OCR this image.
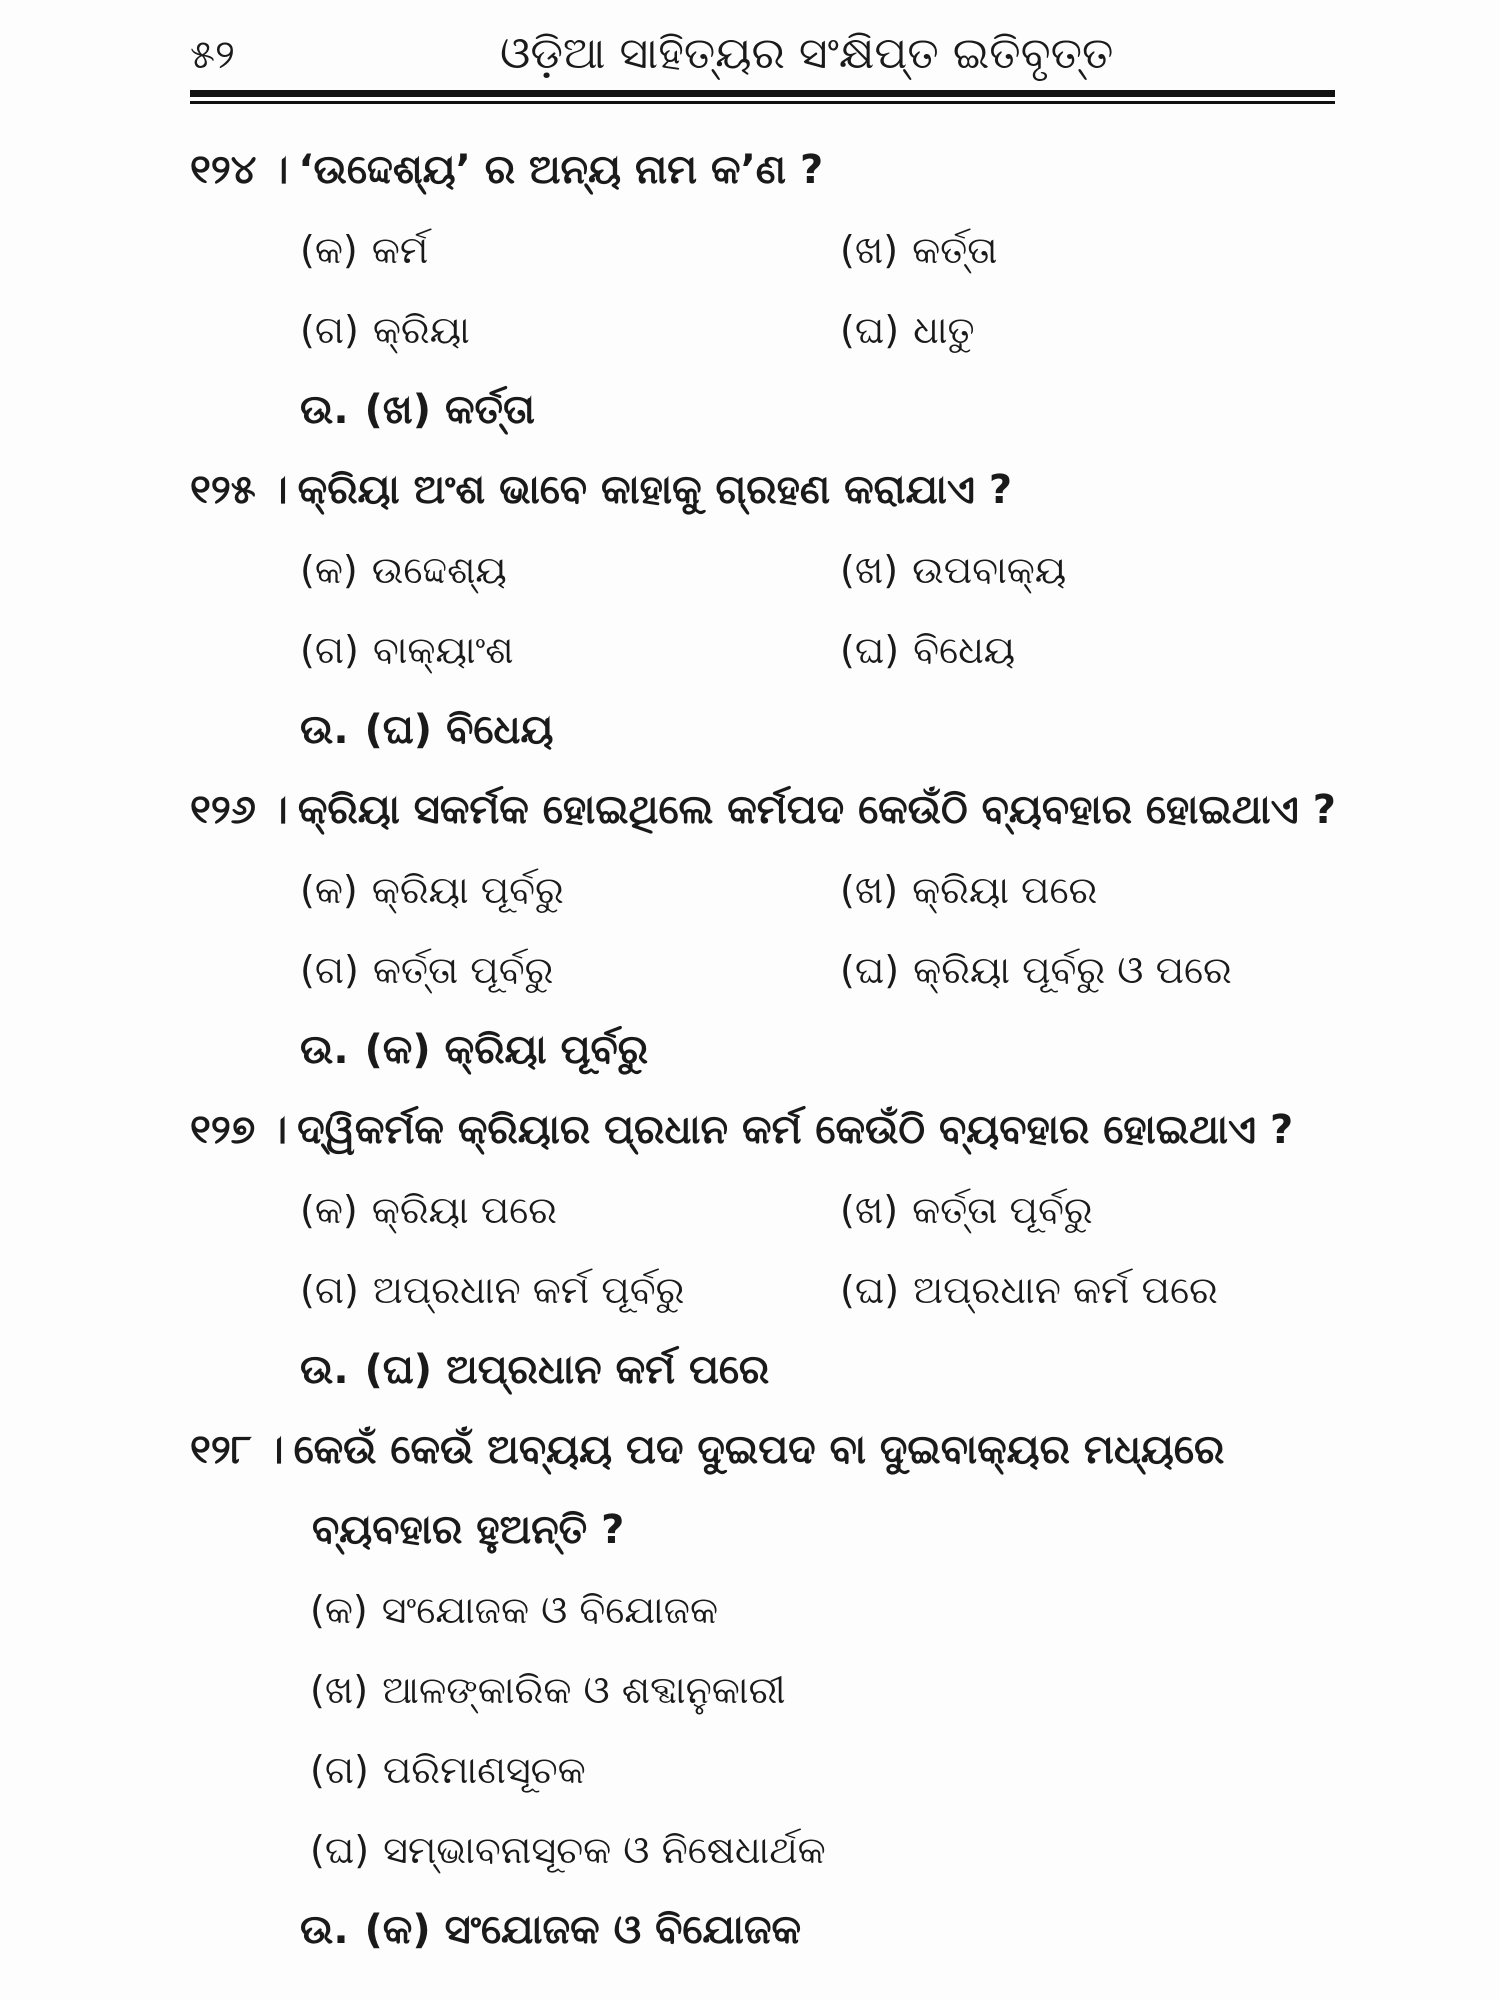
୫୨	ଓଡ଼ିଆ ସାହିତ୍ୟର ସଂକ୍ଷିପ୍ତ ଇତିବୃତ୍ତ
୧୨୪ । ‘ଉଦ୍ଦେଶ୍ୟ’ ର ଅନ୍ୟ ନାମ କ’ଣ ?
(କ) କର୍ମ	(ଖ) କର୍ତ୍ତା
(ଗ) କ୍ରିୟା	(ଘ) ଧାତୁ
ଉ. (ଖ) କର୍ତ୍ତା
୧୨୫ । କ୍ରିୟା ଅଂଶ ଭାବେ କାହାକୁ ଗ୍ରହଣ କରାଯାଏ ?
(କ) ଉଦ୍ଦେଶ୍ୟ	(ଖ) ଉପବାକ୍ୟ
(ଗ) ବାକ୍ୟାଂଶ	(ଘ) ବିଧେୟ
ଉ. (ଘ) ବିଧେୟ
୧୨୬ । କ୍ରିୟା ସକର୍ମକ ହୋଇଥିଲେ କର୍ମପଦ କେଉଁଠି ବ୍ୟବହାର ହୋଇଥାଏ ?
(କ) କ୍ରିୟା ପୂର୍ବରୁ	(ଖ) କ୍ରିୟା ପରେ
(ଗ) କର୍ତ୍ତା ପୂର୍ବରୁ	(ଘ) କ୍ରିୟା ପୂର୍ବରୁ ଓ ପରେ
ଉ. (କ) କ୍ରିୟା ପୂର୍ବରୁ
୧୨୭ । ଦ୍ୱିକର୍ମକ କ୍ରିୟାର ପ୍ରଧାନ କର୍ମ କେଉଁଠି ବ୍ୟବହାର ହୋଇଥାଏ ?
(କ) କ୍ରିୟା ପରେ	(ଖ) କର୍ତ୍ତା ପୂର୍ବରୁ
(ଗ) ଅପ୍ରଧାନ କର୍ମ ପୂର୍ବରୁ	(ଘ) ଅପ୍ରଧାନ କର୍ମ ପରେ
ଉ. (ଘ) ଅପ୍ରଧାନ କର୍ମ ପରେ
୧୨୮ । କେଉଁ କେଉଁ ଅବ୍ୟୟ ପଦ ଦୁଇପଦ ବା ଦୁଇବାକ୍ୟର ମଧ୍ୟରେ
ବ୍ୟବହାର ହୁଅନ୍ତି ?
(କ) ସଂଯୋଜକ ଓ ବିଯୋଜକ
(ଖ) ଆଳଙ୍କାରିକ ଓ ଶବ୍ଦାନୁକାରୀ
(ଗ) ପରିମାଣସୂଚକ
(ଘ) ସମ୍ଭାବନାସୂଚକ ଓ ନିଷେଧାର୍ଥକ
ଉ. (କ) ସଂଯୋଜକ ଓ ବିଯୋଜକ
